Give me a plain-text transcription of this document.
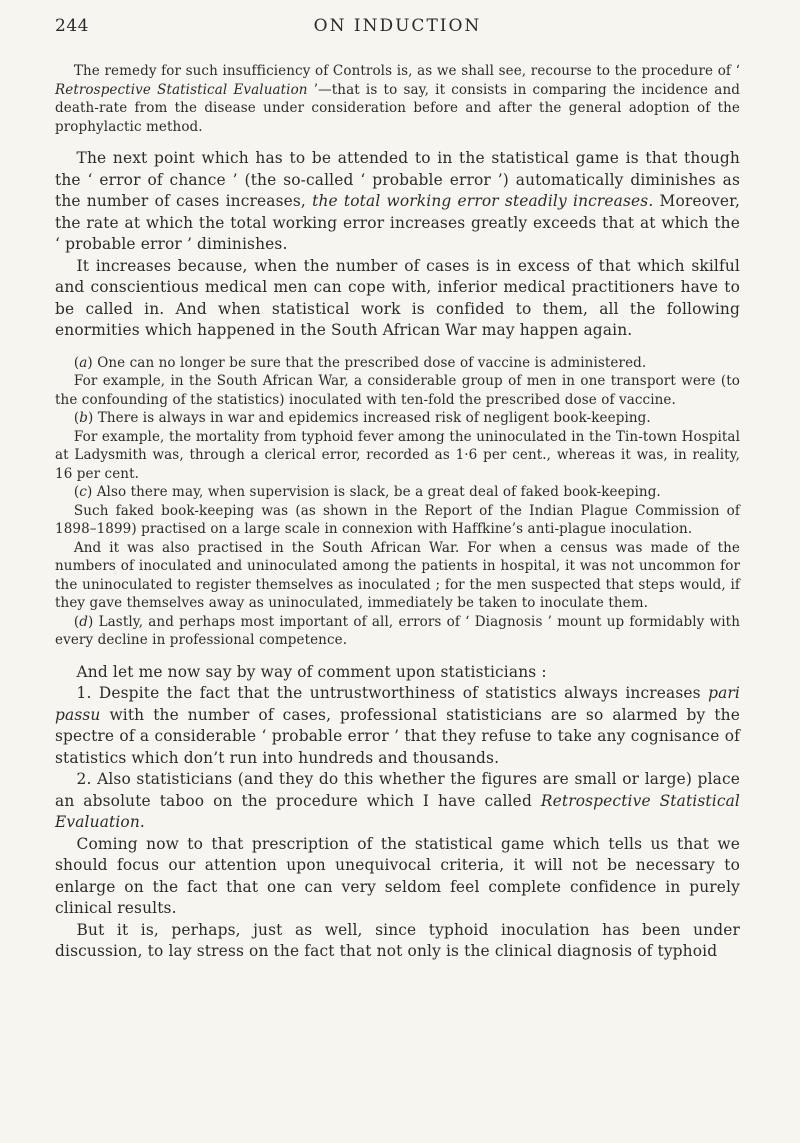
244	ON INDUCTION

The remedy for such insufficiency of Controls is, as we shall see, recourse to the procedure of ‘ Retrospective Statistical Evaluation ’—that is to say, it consists in comparing the incidence and death-rate from the disease under consideration before and after the general adoption of the prophylactic method.

The next point which has to be attended to in the statistical game is that though the ‘ error of chance ’ (the so-called ‘ probable error ’) automatically diminishes as the number of cases increases, the total working error steadily increases. Moreover, the rate at which the total working error increases greatly exceeds that at which the ‘ probable error ’ diminishes.

It increases because, when the number of cases is in excess of that which skilful and conscientious medical men can cope with, inferior medical practitioners have to be called in. And when statistical work is confided to them, all the following enormities which happened in the South African War may happen again.

(a) One can no longer be sure that the prescribed dose of vaccine is administered.

For example, in the South African War, a considerable group of men in one transport were (to the confounding of the statistics) inoculated with ten-fold the prescribed dose of vaccine.

(b) There is always in war and epidemics increased risk of negligent book-keeping.

For example, the mortality from typhoid fever among the uninoculated in the Tin-town Hospital at Ladysmith was, through a clerical error, recorded as 1·6 per cent., whereas it was, in reality, 16 per cent.

(c) Also there may, when supervision is slack, be a great deal of faked book-keeping.

Such faked book-keeping was (as shown in the Report of the Indian Plague Commission of 1898–1899) practised on a large scale in connexion with Haffkine’s anti-plague inoculation.

And it was also practised in the South African War. For when a census was made of the numbers of inoculated and uninoculated among the patients in hospital, it was not uncommon for the uninoculated to register themselves as inoculated ; for the men suspected that steps would, if they gave themselves away as uninoculated, immediately be taken to inoculate them.

(d) Lastly, and perhaps most important of all, errors of ‘ Diagnosis ’ mount up formidably with every decline in professional competence.

And let me now say by way of comment upon statisticians :

1. Despite the fact that the untrustworthiness of statistics always increases pari passu with the number of cases, professional statisticians are so alarmed by the spectre of a considerable ‘ probable error ’ that they refuse to take any cognisance of statistics which don’t run into hundreds and thousands.

2. Also statisticians (and they do this whether the figures are small or large) place an absolute taboo on the procedure which I have called Retrospective Statistical Evaluation.

Coming now to that prescription of the statistical game which tells us that we should focus our attention upon unequivocal criteria, it will not be necessary to enlarge on the fact that one can very seldom feel complete confidence in purely clinical results.

But it is, perhaps, just as well, since typhoid inoculation has been under discussion, to lay stress on the fact that not only is the clinical diagnosis of typhoid
